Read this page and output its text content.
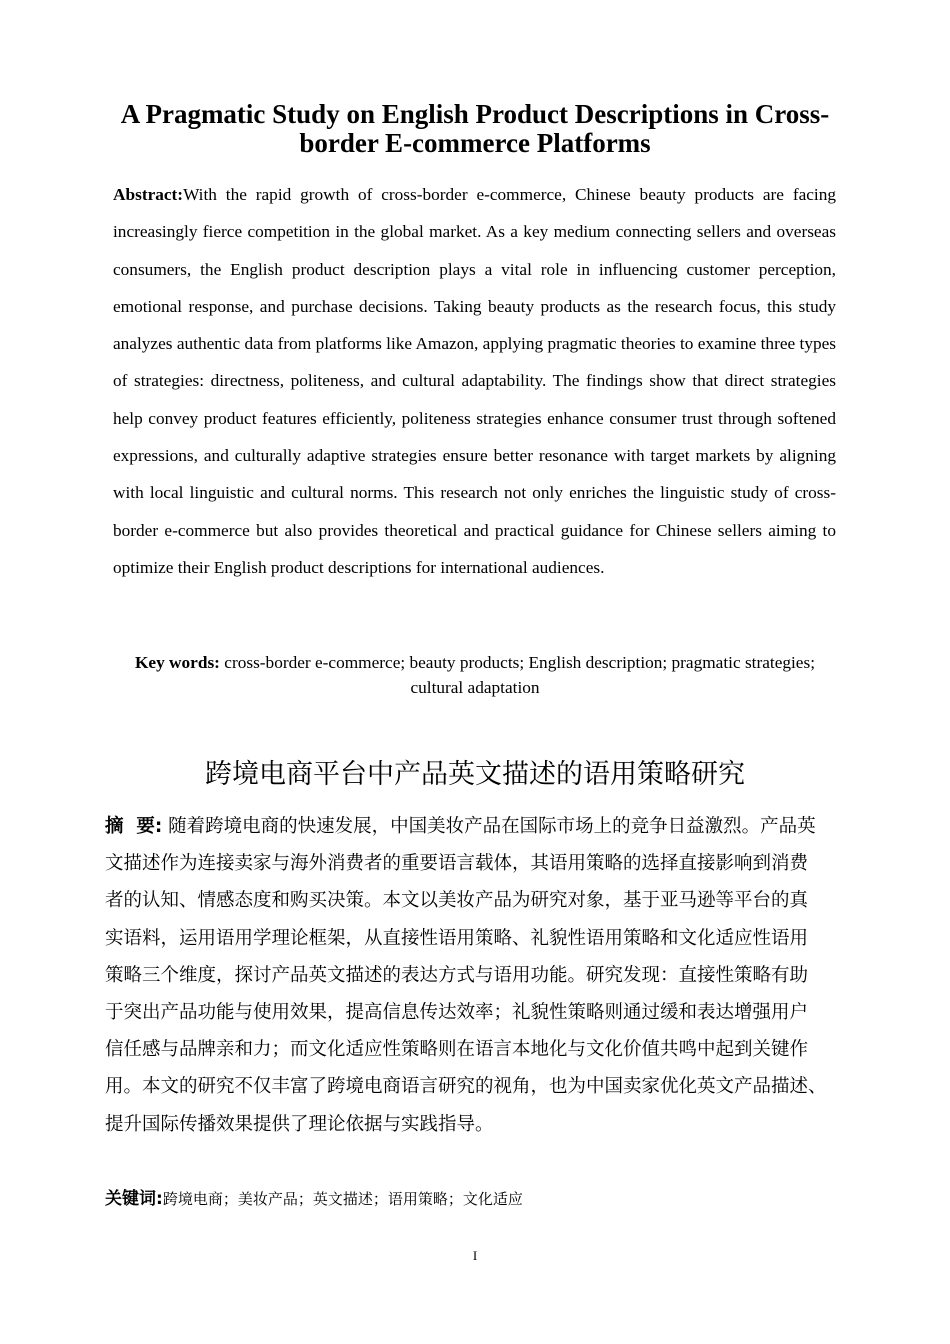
A Pragmatic Study on English Product Descriptions in Cross-border E-commerce Platforms
Abstract:With the rapid growth of cross-border e-commerce, Chinese beauty products are facing increasingly fierce competition in the global market. As a key medium connecting sellers and overseas consumers, the English product description plays a vital role in influencing customer perception, emotional response, and purchase decisions. Taking beauty products as the research focus, this study analyzes authentic data from platforms like Amazon, applying pragmatic theories to examine three types of strategies: directness, politeness, and cultural adaptability. The findings show that direct strategies help convey product features efficiently, politeness strategies enhance consumer trust through softened expressions, and culturally adaptive strategies ensure better resonance with target markets by aligning with local linguistic and cultural norms. This research not only enriches the linguistic study of cross-border e-commerce but also provides theoretical and practical guidance for Chinese sellers aiming to optimize their English product descriptions for international audiences.
Key words: cross-border e-commerce; beauty products; English description; pragmatic strategies; cultural adaptation
跨境电商平台中产品英文描述的语用策略研究
摘  要: 随着跨境电商的快速发展，中国美妆产品在国际市场上的竞争日益激烈。产品英
文描述作为连接卖家与海外消费者的重要语言载体，其语用策略的选择直接影响到消费
者的认知、情感态度和购买决策。本文以美妆产品为研究对象，基于亚马逊等平台的真
实语料，运用语用学理论框架，从直接性语用策略、礼貌性语用策略和文化适应性语用
策略三个维度，探讨产品英文描述的表达方式与语用功能。研究发现：直接性策略有助
于突出产品功能与使用效果，提高信息传达效率；礼貌性策略则通过缓和表达增强用户
信任感与品牌亲和力；而文化适应性策略则在语言本地化与文化价值共鸣中起到关键作
用。本文的研究不仅丰富了跨境电商语言研究的视角，也为中国卖家优化英文产品描述、
提升国际传播效果提供了理论依据与实践指导。
关键词:跨境电商；美妆产品；英文描述；语用策略；文化适应
I
